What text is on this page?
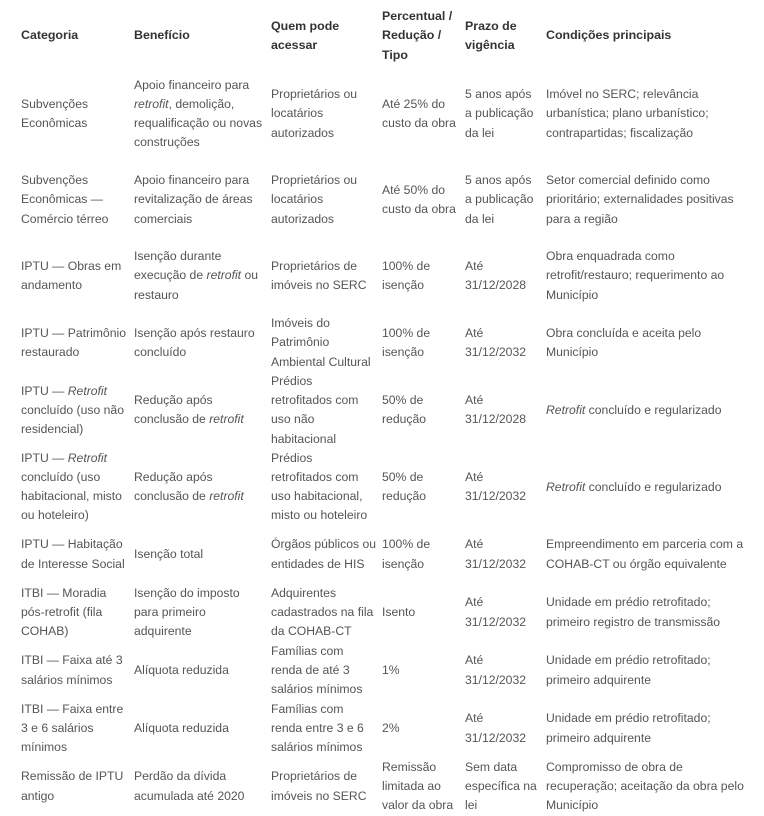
Categoria	Benefício	Quem pode acessar	Percentual / Redução / Tipo	Prazo de vigência	Condições principais
Subvenções Econômicas	Apoio financeiro para retrofit, demolição, requalificação ou novas construções	Proprietários ou locatários autorizados	Até 25% do custo da obra	5 anos após a publicação da lei	Imóvel no SERC; relevância urbanística; plano urbanístico; contrapartidas; fiscalização
Subvenções Econômicas — Comércio térreo	Apoio financeiro para revitalização de áreas comerciais	Proprietários ou locatários autorizados	Até 50% do custo da obra	5 anos após a publicação da lei	Setor comercial definido como prioritário; externalidades positivas para a região
IPTU — Obras em andamento	Isenção durante execução de retrofit ou restauro	Proprietários de imóveis no SERC	100% de isenção	Até 31/12/2028	Obra enquadrada como retrofit/restauro; requerimento ao Município
IPTU — Patrimônio restaurado	Isenção após restauro concluído	Imóveis do Patrimônio Ambiental Cultural	100% de isenção	Até 31/12/2032	Obra concluída e aceita pelo Município
IPTU — Retrofit concluído (uso não residencial)	Redução após conclusão de retrofit	Prédios retrofitados com uso não habitacional	50% de redução	Até 31/12/2028	Retrofit concluído e regularizado
IPTU — Retrofit concluído (uso habitacional, misto ou hoteleiro)	Redução após conclusão de retrofit	Prédios retrofitados com uso habitacional, misto ou hoteleiro	50% de redução	Até 31/12/2032	Retrofit concluído e regularizado
IPTU — Habitação de Interesse Social	Isenção total	Órgãos públicos ou entidades de HIS	100% de isenção	Até 31/12/2032	Empreendimento em parceria com a COHAB-CT ou órgão equivalente
ITBI — Moradia pós-retrofit (fila COHAB)	Isenção do imposto para primeiro adquirente	Adquirentes cadastrados na fila da COHAB-CT	Isento	Até 31/12/2032	Unidade em prédio retrofitado; primeiro registro de transmissão
ITBI — Faixa até 3 salários mínimos	Alíquota reduzida	Famílias com renda de até 3 salários mínimos	1%	Até 31/12/2032	Unidade em prédio retrofitado; primeiro adquirente
ITBI — Faixa entre 3 e 6 salários mínimos	Alíquota reduzida	Famílias com renda entre 3 e 6 salários mínimos	2%	Até 31/12/2032	Unidade em prédio retrofitado; primeiro adquirente
Remissão de IPTU antigo	Perdão da dívida acumulada até 2020	Proprietários de imóveis no SERC	Remissão limitada ao valor da obra	Sem data específica na lei	Compromisso de obra de recuperação; aceitação da obra pelo Município
